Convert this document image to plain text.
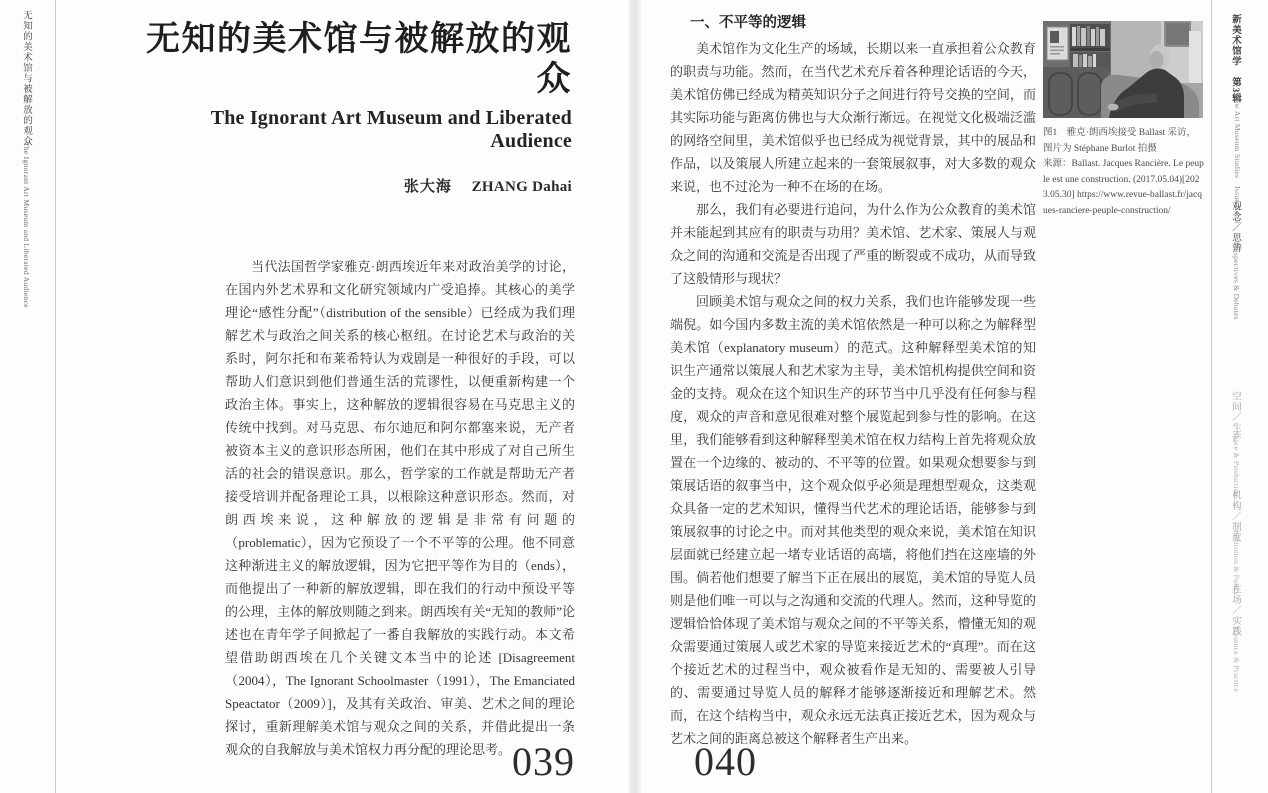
无知的美术馆与被解放的观众
The Ignorant Art Museum and Liberated Audience
无知的美术馆与被解放的观众
The Ignorant Art Museum and Liberated Audience
张大海 ZHANG Dahai

当代法国哲学家雅克·朗西埃近年来对政治美学的讨论，在国内外艺术界和文化研究领域内广受追捧。其核心的美学理论“感性分配”（distribution of the sensible）已经成为我们理解艺术与政治之间关系的核心枢纽。在讨论艺术与政治的关系时，阿尔托和布莱希特认为戏剧是一种很好的手段，可以帮助人们意识到他们普通生活的荒谬性，以便重新构建一个政治主体。事实上，这种解放的逻辑很容易在马克思主义的传统中找到。对马克思、布尔迪厄和阿尔都塞来说，无产者被资本主义的意识形态所困，他们在其中形成了对自己所生活的社会的错误意识。那么，哲学家的工作就是帮助无产者接受培训并配备理论工具，以根除这种意识形态。然而，对朗西埃来说，这种解放的逻辑是非常有问题的（problematic），因为它预设了一个不平等的公理。他不同意这种渐进主义的解放逻辑，因为它把平等作为目的（ends），而他提出了一种新的解放逻辑，即在我们的行动中预设平等的公理，主体的解放则随之到来。朗西埃有关“无知的教师”论述也在青年学子间掀起了一番自我解放的实践行动。本文希望借助朗西埃在几个关键文本当中的论述 [Disagreement（2004），The Ignorant Schoolmaster（1991），The Emanciated Speactator（2009）]，及其有关政治、审美、艺术之间的理论探讨，重新理解美术馆与观众之间的关系，并借此提出一条观众的自我解放与美术馆权力再分配的理论思考。 039
一、不平等的逻辑

美术馆作为文化生产的场域，长期以来一直承担着公众教育的职责与功能。然而，在当代艺术充斥着各种理论话语的今天，美术馆仿佛已经成为精英知识分子之间进行符号交换的空间，而其实际功能与距离仿佛也与大众渐行渐远。在视觉文化极端泛滥的网络空间里，美术馆似乎也已经成为视觉背景，其中的展品和作品，以及策展人所建立起来的一套策展叙事，对大多数的观众来说，也不过沦为一种不在场的在场。

那么，我们有必要进行追问，为什么作为公众教育的美术馆并未能起到其应有的职责与功用？美术馆、艺术家、策展人与观众之间的沟通和交流是否出现了严重的断裂或不成功，从而导致了这般情形与现状？

回顾美术馆与观众之间的权力关系，我们也许能够发现一些端倪。如今国内多数主流的美术馆依然是一种可以称之为解释型美术馆（explanatory museum）的范式。这种解释型美术馆的知识生产通常以策展人和艺术家为主导，美术馆机构提供空间和资金的支持。观众在这个知识生产的环节当中几乎没有任何参与程度，观众的声音和意见很难对整个展览起到参与性的影响。在这里，我们能够看到这种解释型美术馆在权力结构上首先将观众放置在一个边缘的、被动的、不平等的位置。如果观众想要参与到策展话语的叙事当中，这个观众似乎必须是理想型观众，这类观众具备一定的艺术知识，懂得当代艺术的理论话语，能够参与到策展叙事的讨论之中。而对其他类型的观众来说，美术馆在知识层面就已经建立起一堵专业话语的高墙，将他们挡在这座墙的外围。倘若他们想要了解当下正在展出的展览，美术馆的导览人员则是他们唯一可以与之沟通和交流的代理人。然而，这种导览的逻辑恰恰体现了美术馆与观众之间的不平等关系，懵懂无知的观众需要通过策展人或艺术家的导览来接近艺术的“真理”。而在这个接近艺术的过程当中，观众被看作是无知的、需要被人引导的、需要通过导览人员的解释才能够逐渐接近和理解艺术。然而，在这个结构当中，观众永远无法真正接近艺术，因为观众与艺术之间的距离总被这个解释者生产出来。

图1　雅克·朗西埃接受 Ballast 采访，图片为 Stéphane Burlot 拍摄
来源：Ballast. Jacques Rancière. Le peuple est une construction. (2017.05.04)[2023.05.30] https://www.revue-ballast.fr/jacques-ranciere-peuple-construction/
040
新美术馆学　第3辑
New Art Museum Studies　Issue No. 3
观念／思辨
Perspectives & Debates
空间／生产
Space & Production
机构／制度
Institution & Policy
在场／实践
Presence & Practice
